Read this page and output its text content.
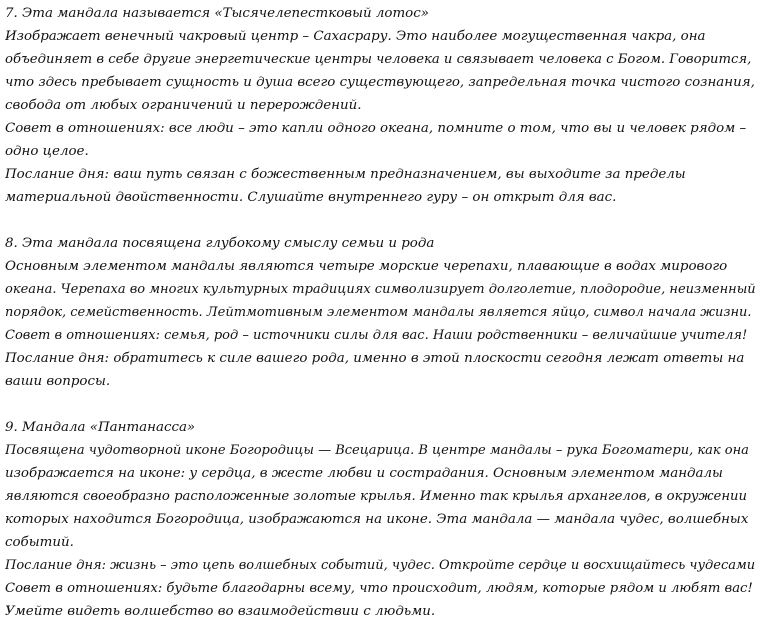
7. Эта мандала называется «Тысячелепестковый лотос»
Изображает венечный чакровый центр – Сахасрару. Это наиболее могущественная чакра, она
объединяет в себе другие энергетические центры человека и связывает человека с Богом. Говорится,
что здесь пребывает сущность и душа всего существующего, запредельная точка чистого сознания,
свобода от любых ограничений и перерождений.
Совет в отношениях: все люди – это капли одного океана, помните о том, что вы и человек рядом –
одно целое.
Послание дня: ваш путь связан с божественным предназначением, вы выходите за пределы
материальной двойственности. Слушайте внутреннего гуру – он открыт для вас.
8. Эта мандала посвящена глубокому смыслу семьи и рода
Основным элементом мандалы являются четыре морские черепахи, плавающие в водах мирового
океана. Черепаха во многих культурных традициях символизирует долголетие, плодородие, неизменный
порядок, семейственность. Лейтмотивным элементом мандалы является яйцо, символ начала жизни.
Совет в отношениях: семья, род – источники силы для вас. Наши родственники – величайшие учителя!
Послание дня: обратитесь к силе вашего рода, именно в этой плоскости сегодня лежат ответы на
ваши вопросы.
9. Мандала «Пантанасса»
Посвящена чудотворной иконе Богородицы — Всецарица. В центре мандалы – рука Богоматери, как она
изображается на иконе: у сердца, в жесте любви и сострадания. Основным элементом мандалы
являются своеобразно расположенные золотые крылья. Именно так крылья архангелов, в окружении
которых находится Богородица, изображаются на иконе. Эта мандала — мандала чудес, волшебных
событий.
Послание дня: жизнь – это цепь волшебных событий, чудес. Откройте сердце и восхищайтесь чудесами
Совет в отношениях: будьте благодарны всему, что происходит, людям, которые рядом и любят вас!
Умейте видеть волшебство во взаимодействии с людьми.
